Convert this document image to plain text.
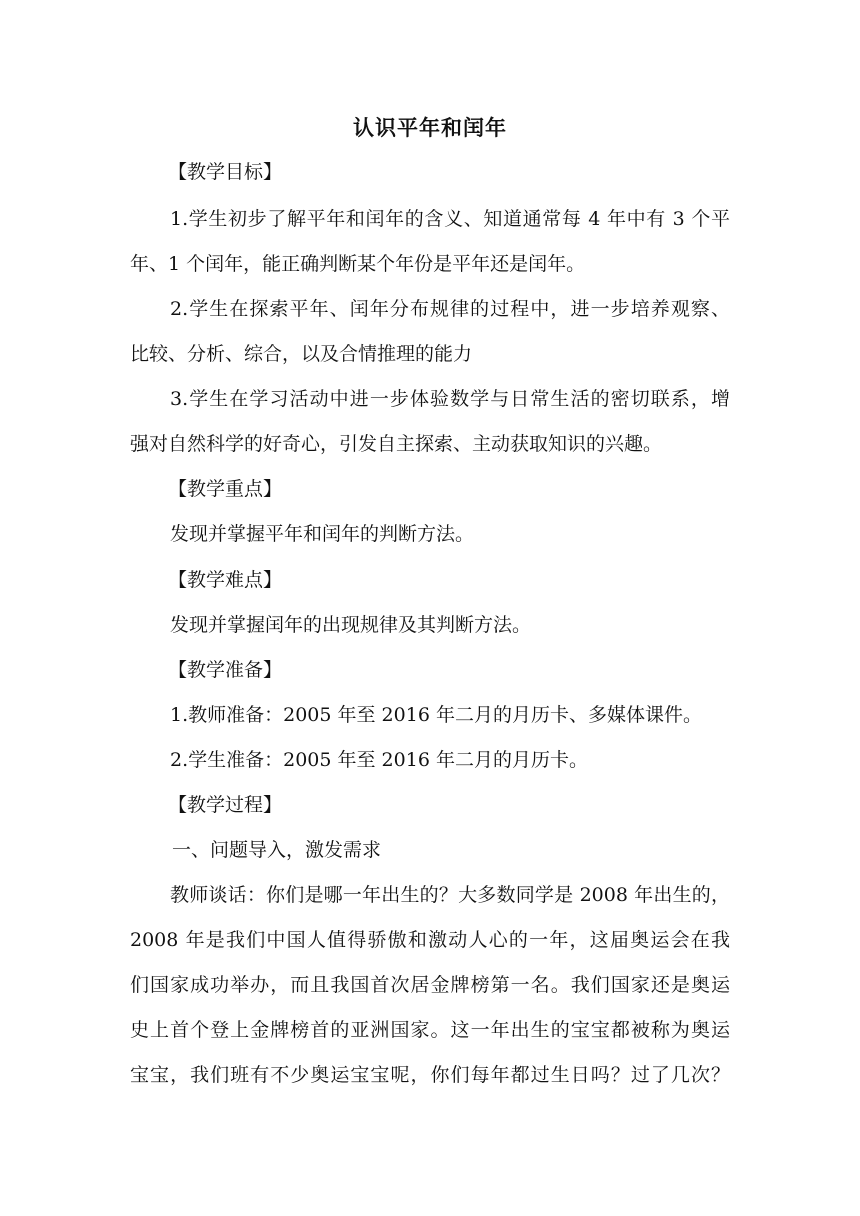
认识平年和闰年
【教学目标】
1.学生初步了解平年和闰年的含义、知道通常每 4 年中有 3 个平
年、1 个闰年，能正确判断某个年份是平年还是闰年。
2.学生在探索平年、闰年分布规律的过程中，进一步培养观察、
比较、分析、综合，以及合情推理的能力
3.学生在学习活动中进一步体验数学与日常生活的密切联系，增
强对自然科学的好奇心，引发自主探索、主动获取知识的兴趣。
【教学重点】
发现并掌握平年和闰年的判断方法。
【教学难点】
发现并掌握闰年的出现规律及其判断方法。
【教学准备】
1.教师准备：2005 年至 2016 年二月的月历卡、多媒体课件。
2.学生准备：2005 年至 2016 年二月的月历卡。
【教学过程】
一、问题导入，激发需求
教师谈话：你们是哪一年出生的？大多数同学是 2008 年出生的，
2008 年是我们中国人值得骄傲和激动人心的一年，这届奥运会在我
们国家成功举办，而且我国首次居金牌榜第一名。我们国家还是奥运
史上首个登上金牌榜首的亚洲国家。这一年出生的宝宝都被称为奥运
宝宝，我们班有不少奥运宝宝呢，你们每年都过生日吗？过了几次？
